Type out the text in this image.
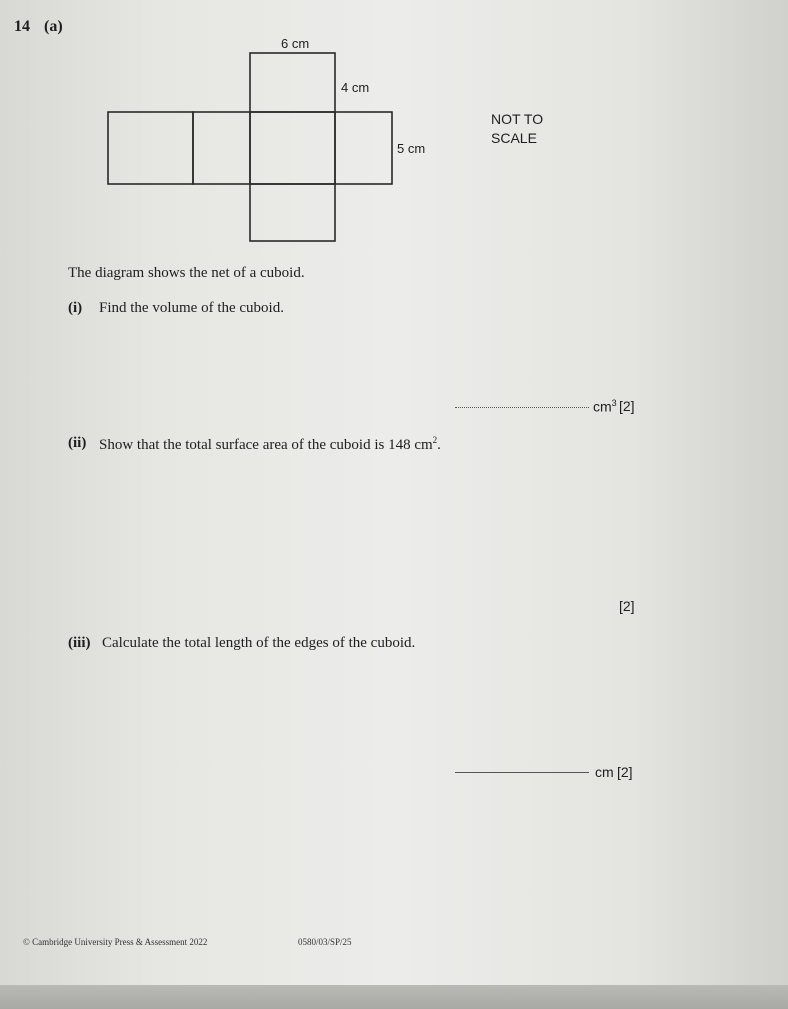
14 (a)
6 cm
4 cm
5 cm
NOT TO
SCALE
The diagram shows the net of a cuboid.
(i) Find the volume of the cuboid.
$cm^3$ [2]
(ii) Show that the total surface area of the cuboid is 148 $cm^2$.
[2]
(iii) Calculate the total length of the edges of the cuboid.
cm [2]
© Cambridge University Press & Assessment 2022	0580/03/SP/25
